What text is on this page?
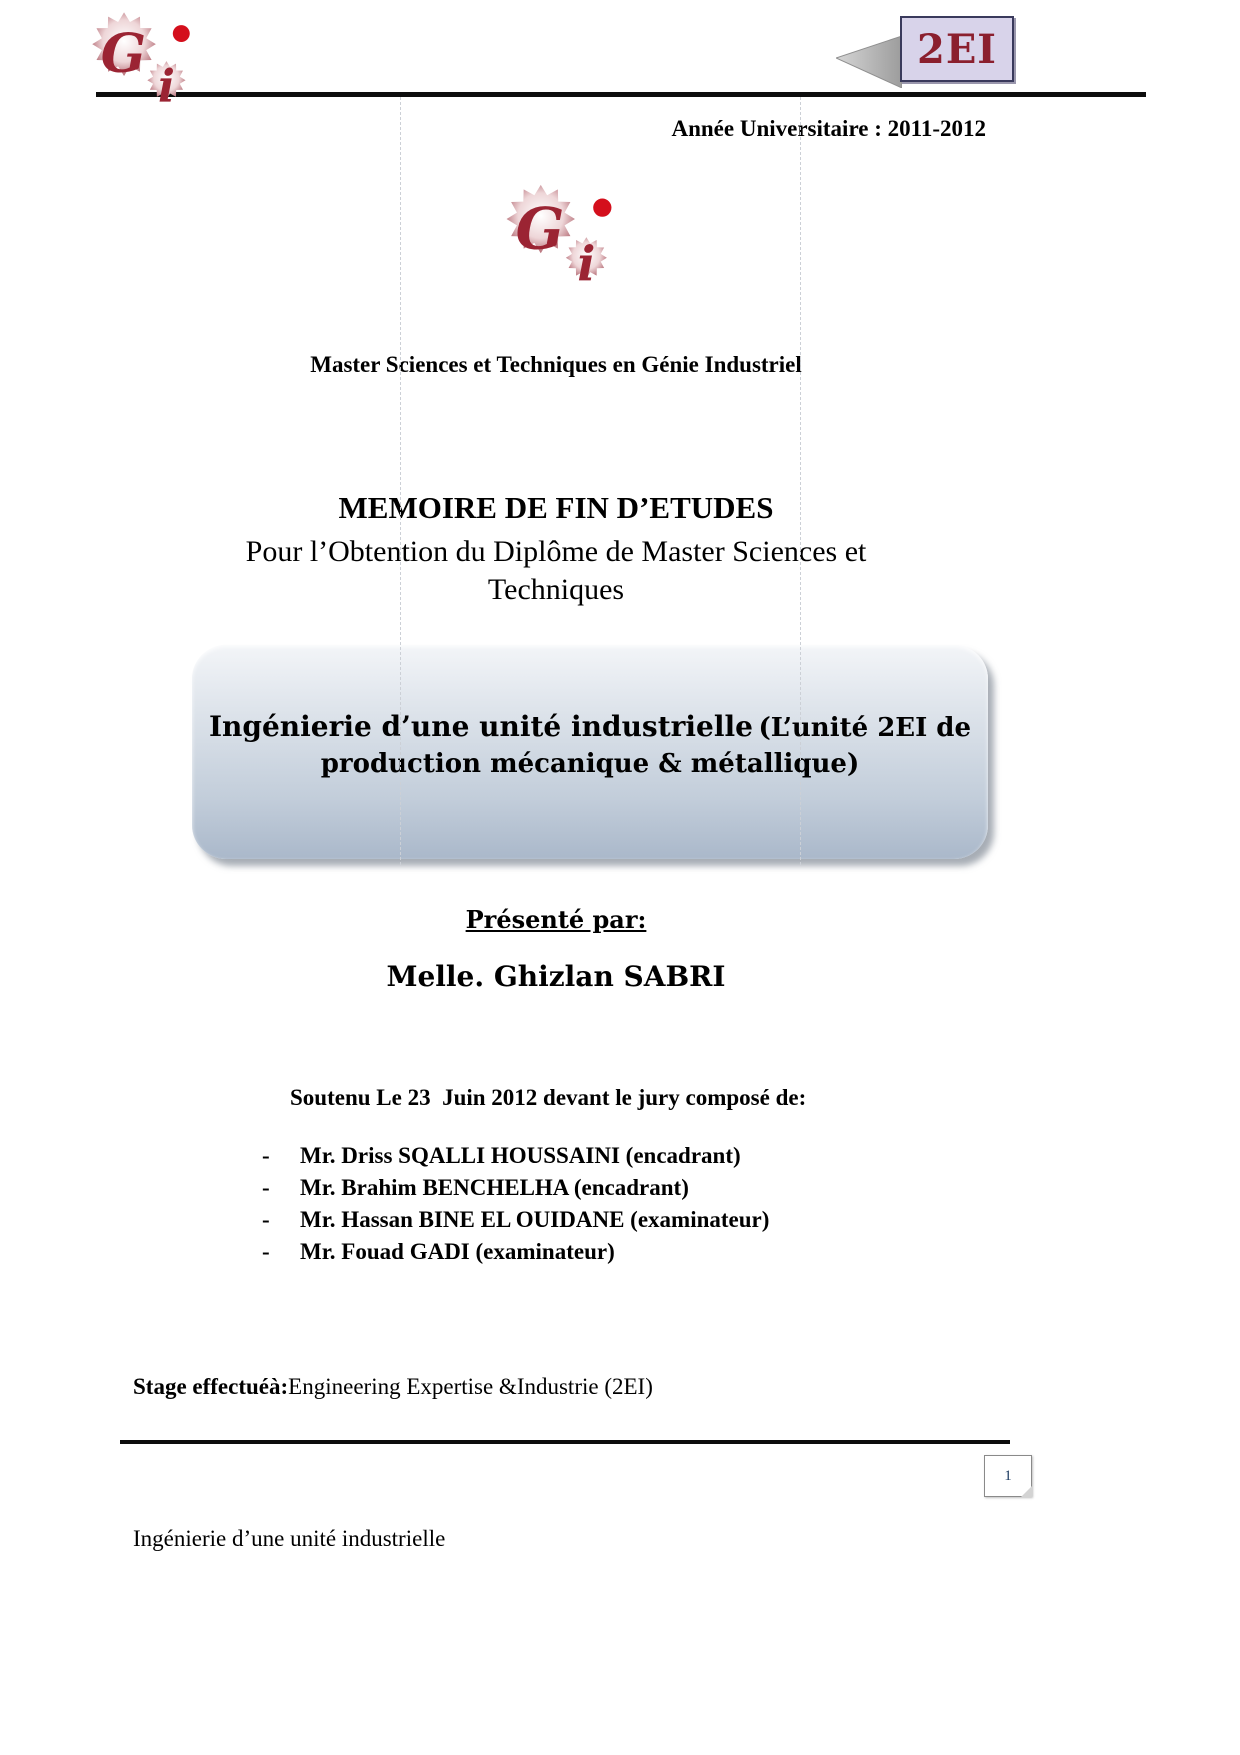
2EI
Année Universitaire : 2011-2012
Master Sciences et Techniques en Génie Industriel
MEMOIRE DE FIN D’ETUDES
Pour l’Obtention du Diplôme de Master Sciences et Techniques
Ingénierie d’une unité industrielle (L’unité 2EI de production mécanique & métallique)
Présenté par:
Melle. Ghizlan SABRI
Soutenu Le 23  Juin 2012 devant le jury composé de:
-	Mr. Driss SQALLI HOUSSAINI (encadrant)
-	Mr. Brahim BENCHELHA (encadrant)
-	Mr. Hassan BINE EL OUIDANE (examinateur)
-	Mr. Fouad GADI (examinateur)
Stage effectuéà:Engineering Expertise &Industrie (2EI)
1
Ingénierie d’une unité industrielle
